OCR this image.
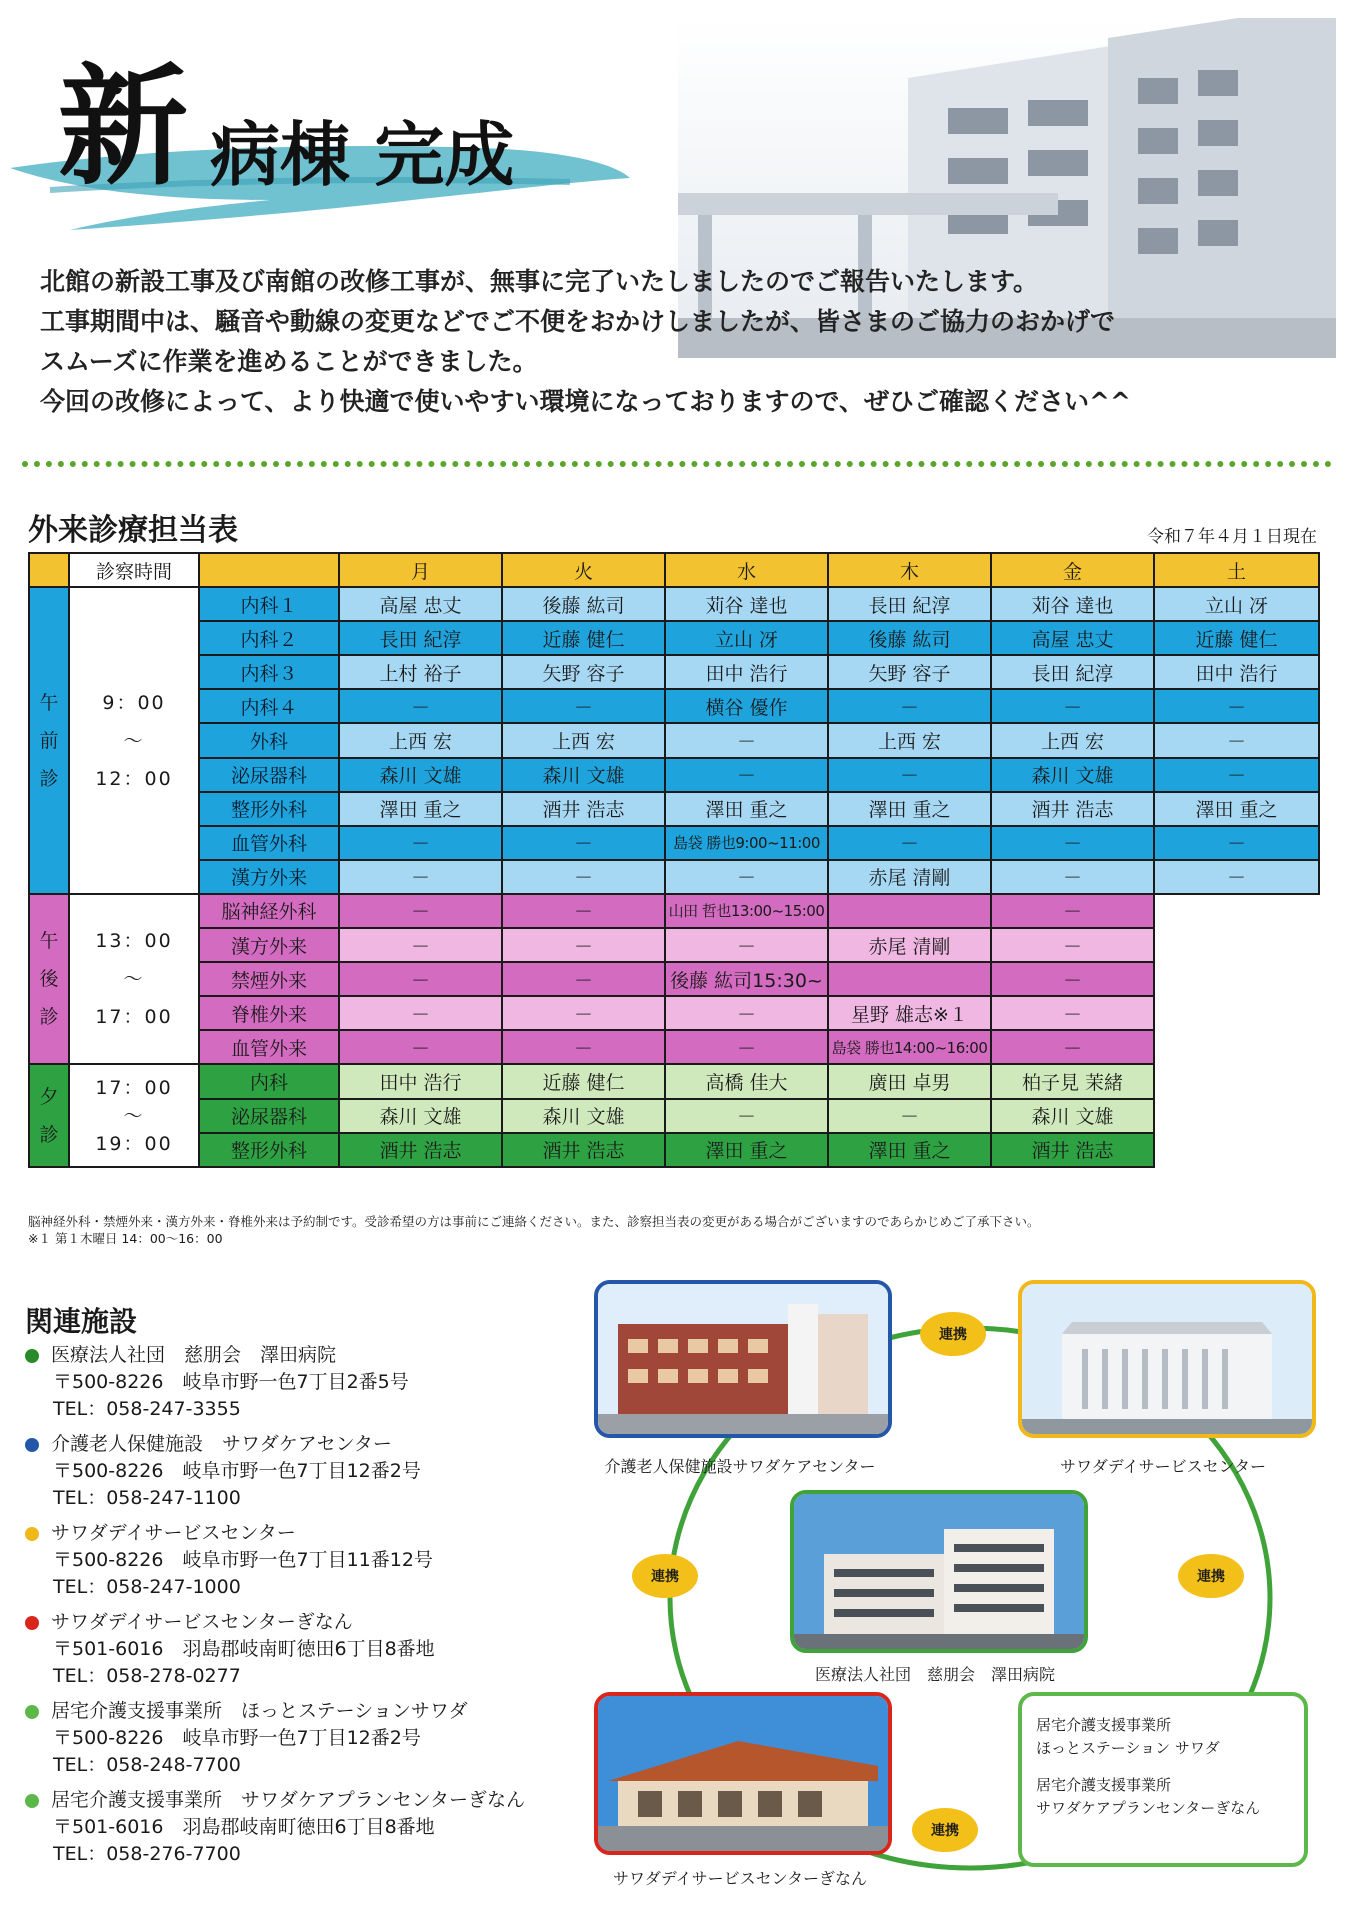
新 病棟 完成

北館の新設工事及び南館の改修工事が、無事に完了いたしましたのでご報告いたします。

工事期間中は、騒音や動線の変更などでご不便をおかけしましたが、皆さまのご協力のおかげで

スムーズに作業を進めることができました。

今回の改修によって、より快適で使いやすい環境になっておりますので、ぜひご確認ください^^

外来診療担当表	令和７年４月１日現在
	診察時間		月	火	水	木	金	土
午
前
診	9：00
～
12：00	内科１	高屋 忠丈	後藤 紘司	苅谷 達也	長田 紀淳	苅谷 達也	立山 冴
		内科２	長田 紀淳	近藤 健仁	立山 冴	後藤 紘司	高屋 忠丈	近藤 健仁
		内科３	上村 裕子	矢野 容子	田中 浩行	矢野 容子	長田 紀淳	田中 浩行
		内科４	－	－	横谷 優作	－	－	－
		外科	上西 宏	上西 宏	－	上西 宏	上西 宏	－
		泌尿器科	森川 文雄	森川 文雄	－	－	森川 文雄	－
		整形外科	澤田 重之	酒井 浩志	澤田 重之	澤田 重之	酒井 浩志	澤田 重之
		血管外科	－	－	島袋 勝也9:00~11:00	－	－	－
		漢方外来	－	－	－	赤尾 清剛	－	－
午
後
診	13：00
～
17：00	脳神経外科	－	－	山田 哲也13:00~15:00		－	
		漢方外来	－	－	－	赤尾 清剛	－	
		禁煙外来	－	－	後藤 紘司15:30~		－	
		脊椎外来	－	－	－	星野 雄志※１	－	
		血管外来	－	－	－	島袋 勝也14:00~16:00	－	
夕
診	17：00
～
19：00	内科	田中 浩行	近藤 健仁	高橋 佳大	廣田 卓男	柏子見 茉緒	
		泌尿器科	森川 文雄	森川 文雄	－	－	森川 文雄	
		整形外科	酒井 浩志	酒井 浩志	澤田 重之	澤田 重之	酒井 浩志	
脳神経外科・禁煙外来・漢方外来・脊椎外来は予約制です。受診希望の方は事前にご連絡ください。また、診察担当表の変更がある場合がございますのであらかじめご了承下さい。
※１ 第１木曜日 14：00～16：00
関連施設
医療法人社団　慈朋会　澤田病院
〒500-8226　岐阜市野一色7丁目2番5号
TEL：058-247-3355
介護老人保健施設　サワダケアセンター
〒500-8226　岐阜市野一色7丁目12番2号
TEL：058-247-1100
サワダデイサービスセンター
〒500-8226　岐阜市野一色7丁目11番12号
TEL：058-247-1000
サワダデイサービスセンターぎなん
〒501-6016　羽島郡岐南町徳田6丁目8番地
TEL：058-278-0277
居宅介護支援事業所　ほっとステーションサワダ
〒500-8226　岐阜市野一色7丁目12番2号
TEL：058-248-7700
居宅介護支援事業所　サワダケアプランセンターぎなん
〒501-6016　羽島郡岐南町徳田6丁目8番地
TEL：058-276-7700
介護老人保健施設サワダケアセンター	サワダデイサービスセンター
医療法人社団　慈朋会　澤田病院
サワダデイサービスセンターぎなん
居宅介護支援事業所
ほっとステーション サワダ
居宅介護支援事業所
サワダケアプランセンターぎなん
連携
連携	連携
連携
